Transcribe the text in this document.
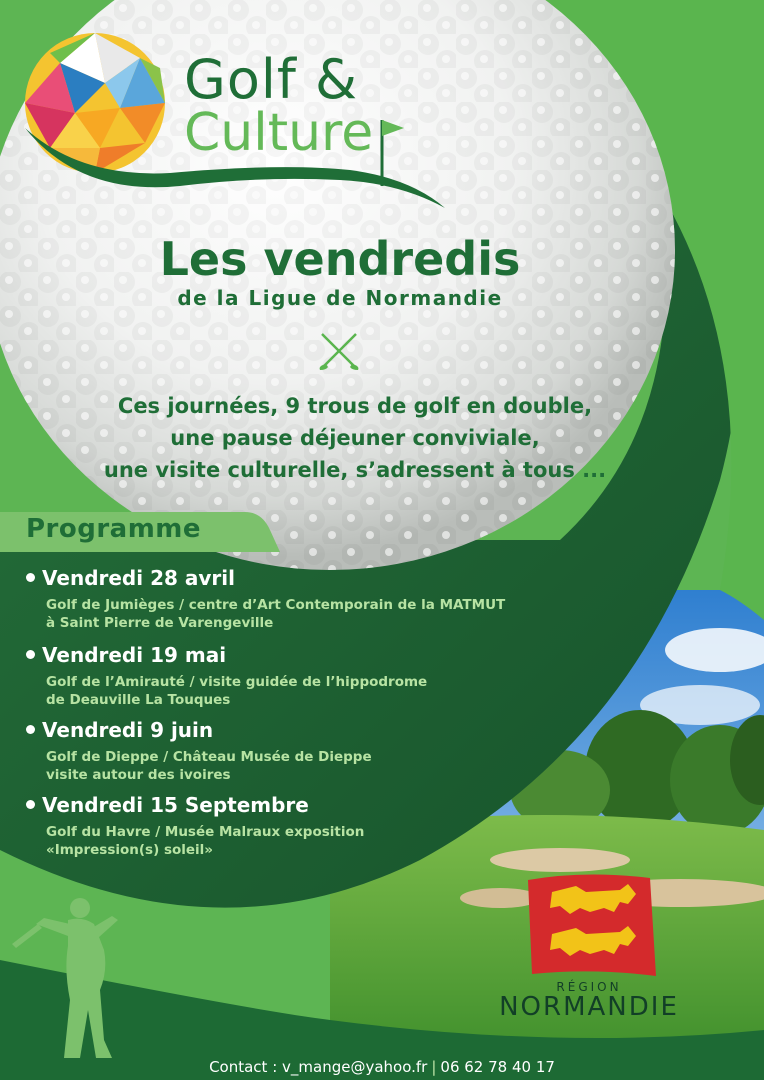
Golf &
Culture
Les vendredis
de la Ligue de Normandie
Ces journées, 9 trous de golf en double,
une pause déjeuner conviviale,
une visite culturelle, s’adressent à tous ...
Programme
Vendredi 28 avril
Golf de Jumièges / centre d’Art Contemporain de la MATMUT
à Saint Pierre de Varengeville
Vendredi 19 mai
Golf de l’Amirauté / visite guidée de l’hippodrome
de Deauville La Touques
Vendredi 9 juin
Golf de Dieppe / Château Musée de Dieppe
visite autour des ivoires
Vendredi 15 Septembre
Golf du Havre / Musée Malraux exposition
«Impression(s) soleil»
RÉGION
NORMANDIE
Contact : v_mange@yahoo.fr | 06 62 78 40 17
